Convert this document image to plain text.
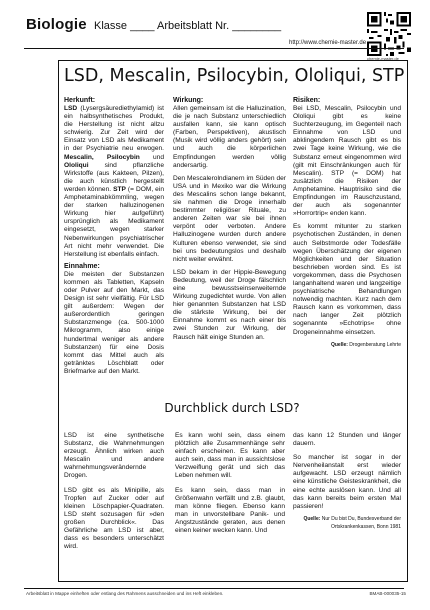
Biologie Klasse ____ Arbeitsblatt Nr. ________
http://www.chemie-master.de
chemie-master.de
LSD, Mescalin, Psilocybin, Ololiqui, STP
Herkunft:

LSD (Lysergsäurediethylamid) ist ein halbsynthetisches Produkt, die Herstellung ist nicht allzu schwierig. Zur Zeit wird der Einsatz von LSD als Medikament in der Psychiatrie neu erwogen. Mescalin, Psilocybin und Ololiqui sind pflanzliche Wirkstoffe (aus Kakteen, Pilzen), die auch künstlich hergestellt werden können. STP (= DOM, ein Amphetaminabkömmling, wegen der starken halluzinogenen Wirkung hier aufgeführt) ursprünglich als Medikament eingesetzt, wegen starker Nebenwirkungen psychiatrischer Art nicht mehr verwendet. Die Herstellung ist ebenfalls einfach.

Einnahme:

Die meisten der Substanzen kommen als Tabletten, Kapseln oder Pulver auf den Markt, das Design ist sehr vielfältig. Für LSD gilt außerdem: Wegen der außerordentlich geringen Substanzmenge (ca. 500-1000 Mikrogramm, also einige hundertmal weniger als andere Substanzen) für eine Dosis kommt das Mittel auch als getränktes Löschblatt oder Briefmarke auf den Markt.

Wirkung:

Allen gemeinsam ist die Halluzination, die je nach Substanz unterschiedlich ausfallen kann, sie kann optisch (Farben, Perspektiven), akustisch (Musik wird völlig anders gehört) sein und auch die körperlichen Empfindungen werden völlig andersartig.

Den Mescalerolndianern im Süden der USA und in Mexiko war die Wirkung des Mescalins schon lange bekannt, sie nahmen die Droge innerhalb bestimmter religiöser Rituale, zu anderen Zeiten war sie bei ihnen verpönt oder verboten. Andere Halluzinogene wurden durch andere Kulturen ebenso verwendet, sie sind bei uns bedeutungslos und deshalb nicht weiter erwähnt.

LSD bekam in der Hippie-Bewegung Bedeutung, weil der Droge fälschlich eine bewusstseinserweiternde Wirkung zugedichtet wurde. Von allen hier genannten Substanzen hat LSD die stärkste Wirkung, bei der Einnahme kommt es nach einer bis zwei Stunden zur Wirkung, der Rausch hält einige Stunden an.

Risiken:

Bei LSD, Mescalin, Psilocybin und Ololiqui gibt es keine Suchterzeugung, im Gegenteil nach Einnahme von LSD und abklingendem Rausch gibt es bis zwei Tage keine Wirkung, wie die Substanz erneut eingenommen wird (gilt mit Einschränkungen auch für Mescalin). STP (= DOM) hat zusätzlich die Risiken der Amphetamine. Hauptrisiko sind die Empfindungen im Rauschzustand, der auch als sogenannter »Horrortrip« enden kann.

Es kommt mitunter zu starken psychotischen Zuständen, in denen auch Selbstmorde oder Todesfälle wegen Überschätzung der eigenen Möglichkeiten und der Situation beschrieben worden sind. Es ist vorgekommen, dass die Psychosen langanhaltend waren und langzeitige psychiatrische Behandlungen notwendig machten. Kurz nach dem Rausch kann es vorkommen, dass nach langer Zeit plötzlich sogenannte »Echotrips« ohne Drogeneinnahme einsetzen.

Quelle: Drogenberatung Lehrte
Durchblick durch LSD?

LSD ist eine synthetische Substanz, die Wahrnehmungen erzeugt. Ähnlich wirken auch Mescalin und andere wahrnehmungsverändernde Drogen.

LSD gibt es als Minipille, als Tropfen auf Zucker oder auf kleinen Löschpapier-Quadraten. LSD steht sozusagen für »den großen Durchblick«. Das Gefährliche am LSD ist aber, dass es besonders unterschätzt wird.

Es kann wohl sein, dass einem plötzlich alle Zusammenhänge sehr einfach erscheinen. Es kann aber auch sein, dass man in aussichtslose Verzweiflung gerät und sich das Leben nehmen will.

Es kann sein, dass man in Größenwahn verfällt und z.B. glaubt, man könne fliegen. Ebenso kann man in unvorstellbare Panik- und Angstzustände geraten, aus denen einen keiner wecken kann. Und

das kann 12 Stunden und länger dauern.

So mancher ist sogar in der Nervenheilanstalt erst wieder aufgewacht. LSD erzeugt nämlich eine künstliche Geisteskrankheit, die eine echte auslösen kann. Und all das kann bereits beim ersten Mal passieren!

Quelle: Nur Du bist Du, Bundesverband der Ortskrankenkassen, Bonn 1981
Arbeitsblatt in Mappe einheften oder entlang des Rahmens ausschneiden und ins Heft einkleben.	BMAB-000035-15
